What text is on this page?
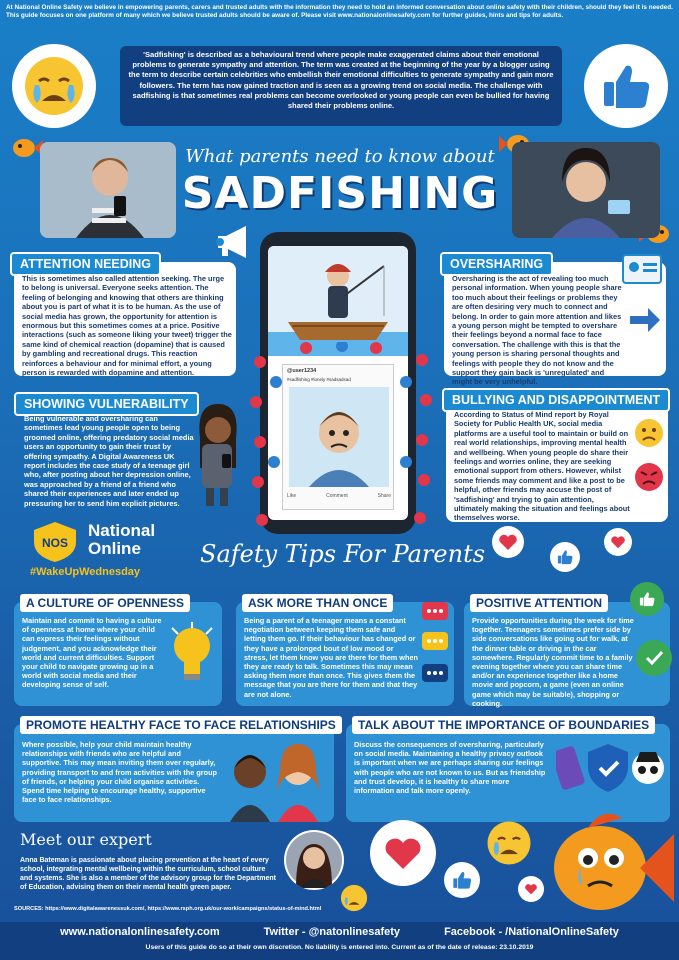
At National Online Safety we believe in empowering parents, carers and trusted adults with the information they need to hold an informed conversation about online safety with their children, should they feel it is needed. This guide focuses on one platform of many which we believe trusted adults should be aware of. Please visit www.nationalonlinesafety.com for further guides, hints and tips for adults.
'Sadfishing' is described as a behavioural trend where people make exaggerated claims about their emotional problems to generate sympathy and attention. The term was created at the beginning of the year by a blogger using the term to describe certain celebrities who embellish their emotional difficulties to generate sympathy and gain more followers. The term has now gained traction and is seen as a growing trend on social media. The challenge with sadfishing is that sometimes real problems can become overlooked or young people can even be bullied for having shared their problems online.
What parents need to know about
SADFISHING
ATTENTION NEEDING
This is sometimes also called attention seeking. The urge to belong is universal. Everyone seeks attention. The feeling of belonging and knowing that others are thinking about you is part of what it is to be human. As the use of social media has grown, the opportunity for attention is enormous but this sometimes comes at a price. Positive interactions (such as someone liking your tweet) trigger the same kind of chemical reaction (dopamine) that is caused by gambling and recreational drugs. This reaction reinforces a behaviour and for minimal effort, a young person is rewarded with dopamine and attention.
OVERSHARING
Oversharing is the act of revealing too much personal information. When young people share too much about their feelings or problems they are often desiring very much to connect and belong. In order to gain more attention and likes a young person might be tempted to overshare their feelings beyond a normal face to face conversation. The challenge with this is that the young person is sharing personal thoughts and feelings with people they do not know and the support they gain back is 'unregulated' and might be very unhelpful.
@user1234
#sadfishing #lonely #sadsadsad
Like	Comment	Share
SHOWING VULNERABILITY
Being vulnerable and oversharing can sometimes lead young people open to being groomed online, offering predatory social media users an opportunity to gain their trust by offering sympathy. A Digital Awareness UK report includes the case study of a teenage girl who, after posting about her depression online, was approached by a friend of a friend who shared their experiences and later ended up pressuring her to send him explicit pictures.
BULLYING AND DISAPPOINTMENT
According to Status of Mind report by Royal Society for Public Health UK, social media platforms are a useful tool to maintain or build on real world relationships, improving mental health and wellbeing. When young people do share their feelings and worries online, they are seeking emotional support from others. However, whilst some friends may comment and like a post to be helpful, other friends may accuse the post of 'sadfishing' and trying to gain attention, ultimately making the situation and feelings about themselves worse.
NOS
National
Online
#WakeUpWednesday
Safety Tips For Parents
A CULTURE OF OPENNESS
Maintain and commit to having a culture of openness at home where your child can express their feelings without judgement, and you acknowledge their world and current difficulties. Support your child to navigate growing up in a world with social media and their developing sense of self.
ASK MORE THAN ONCE
Being a parent of a teenager means a constant negotiation between keeping them safe and letting them go. If their behaviour has changed or they have a prolonged bout of low mood or stress, let them know you are there for them when they are ready to talk. Sometimes this may mean asking them more than once. This gives them the message that you are there for them and that they are not alone.
POSITIVE ATTENTION
Provide opportunities during the week for time together. Teenagers sometimes prefer side by side conversations like going out for walk, at the dinner table or driving in the car somewhere. Regularly commit time to a family evening together where you can share time and/or an experience together like a home movie and popcorn, a game (even an online game which may be suitable), shopping or cooking.
PROMOTE HEALTHY FACE TO FACE RELATIONSHIPS
Where possible, help your child maintain healthy relationships with friends who are helpful and supportive. This may mean inviting them over regularly, providing transport to and from activities with the group of friends, or helping your child organise activities. Spend time helping to encourage healthy, supportive face to face relationships.
TALK ABOUT THE IMPORTANCE OF BOUNDARIES
Discuss the consequences of oversharing, particularly on social media. Maintaining a healthy privacy outlook is important when we are perhaps sharing our feelings with people who are not known to us. But as friendship and trust develop, it is healthy to share more information and talk more openly.
Meet our expert
Anna Bateman is passionate about placing prevention at the heart of every school, integrating mental wellbeing within the curriculum, school culture and systems. She is also a member of the advisory group for the Department of Education, advising them on their mental health green paper.
SOURCES: https://www.digitalawarenessuk.com/, https://www.rsph.org.uk/our-work/campaigns/status-of-mind.html
www.nationalonlinesafety.com	Twitter - @natonlinesafety	Facebook - /NationalOnlineSafety
Users of this guide do so at their own discretion. No liability is entered into. Current as of the date of release: 23.10.2019
